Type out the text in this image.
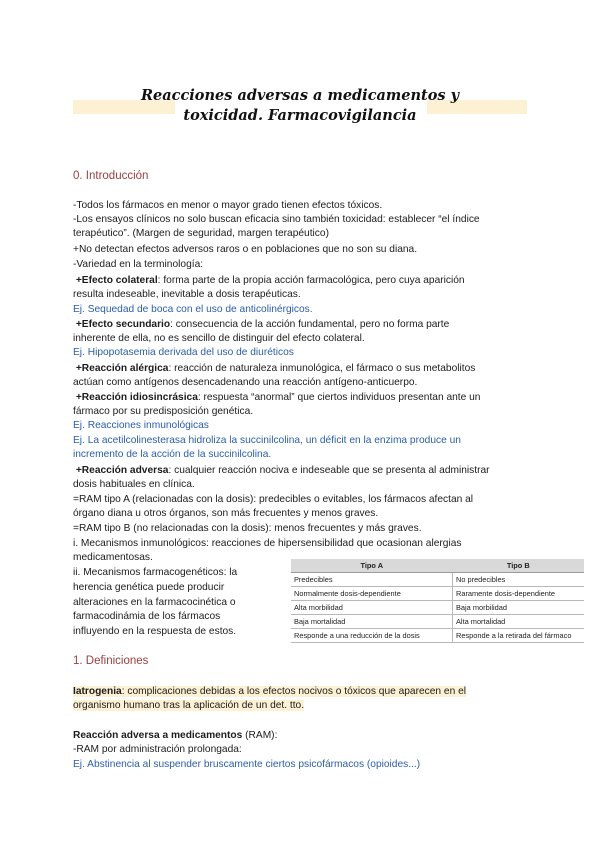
Reacciones adversas a medicamentos y
toxicidad. Farmacovigilancia
0. Introducción
-Todos los fármacos en menor o mayor grado tienen efectos tóxicos.
-Los ensayos clínicos no solo buscan eficacia sino también toxicidad: establecer “el índice
terapéutico”. (Margen de seguridad, margen terapéutico)
+No detectan efectos adversos raros o en poblaciones que no son su diana.
-Variedad en la terminología:
+Efecto colateral: forma parte de la propia acción farmacológica, pero cuya aparición
resulta indeseable, inevitable a dosis terapéuticas.
Ej. Sequedad de boca con el uso de anticolinérgicos.
+Efecto secundario: consecuencia de la acción fundamental, pero no forma parte
inherente de ella, no es sencillo de distinguir del efecto colateral.
Ej. Hipopotasemia derivada del uso de diuréticos
+Reacción alérgica: reacción de naturaleza inmunológica, el fármaco o sus metabolitos
actúan como antígenos desencadenando una reacción antígeno-anticuerpo.
+Reacción idiosincrásica: respuesta “anormal” que ciertos individuos presentan ante un
fármaco por su predisposición genética.
Ej. Reacciones inmunológicas
Ej. La acetilcolinesterasa hidroliza la succinilcolina, un déficit en la enzima produce un
incremento de la acción de la succinilcolina.
+Reacción adversa: cualquier reacción nociva e indeseable que se presenta al administrar
dosis habituales en clínica.
=RAM tipo A (relacionadas con la dosis): predecibles o evitables, los fármacos afectan al
órgano diana u otros órganos, son más frecuentes y menos graves.
=RAM tipo B (no relacionadas con la dosis): menos frecuentes y más graves.
i. Mecanismos inmunológicos: reacciones de hipersensibilidad que ocasionan alergias
medicamentosas.
ii. Mecanismos farmacogenéticos: la
herencia genética puede producir
alteraciones en la farmacocinética o
farmacodinámia de los fármacos
influyendo en la respuesta de estos.
Tipo A	Tipo B
Predecibles	No predecibles
Normalmente dosis-dependiente	Raramente dosis-dependiente
Alta morbilidad	Baja morbilidad
Baja mortalidad	Alta mortalidad
Responde a una reducción de la dosis	Responde a la retirada del fármaco
1. Definiciones
Iatrogenia: complicaciones debidas a los efectos nocivos o tóxicos que aparecen en el
organismo humano tras la aplicación de un det. tto.
Reacción adversa a medicamentos (RAM):
-RAM por administración prolongada:
Ej. Abstinencia al suspender bruscamente ciertos psicofármacos (opioides...)
